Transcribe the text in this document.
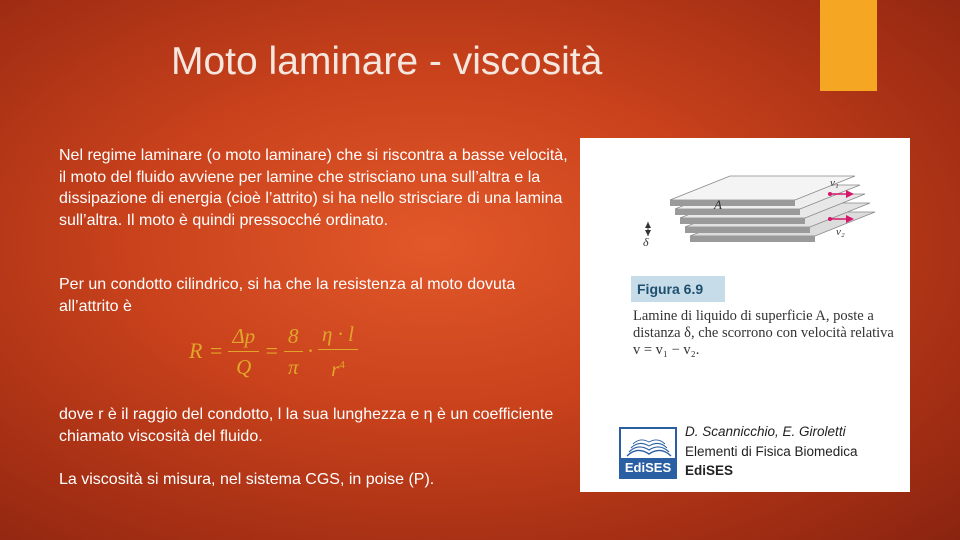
Moto laminare - viscosità
Nel regime laminare (o moto laminare) che si riscontra a basse velocità, il moto del fluido avviene per lamine che strisciano una sull’altra e la dissipazione di energia (cioè l’attrito) si ha nello strisciare di una lamina sull’altra. Il moto è quindi pressocché ordinato.
Per un condotto cilindrico, si ha che la resistenza al moto dovuta all’attrito è
$R = \frac{\Delta p}{Q} = \frac{8}{\pi} \cdot \frac{\eta \cdot l}{r^4}$
dove r è il raggio del condotto, l la sua lunghezza e η è un coefficiente chiamato viscosità del fluido.
La viscosità si misura, nel sistema CGS, in poise (P).
A
δ
v₁
v₂
Figura 6.9
Lamine di liquido di superficie A, poste a distanza δ, che scorrono con velocità relativa v = v₁ − v₂.
EdiSES
D. Scannicchio, E. Giroletti
Elementi di Fisica Biomedica
EdiSES
